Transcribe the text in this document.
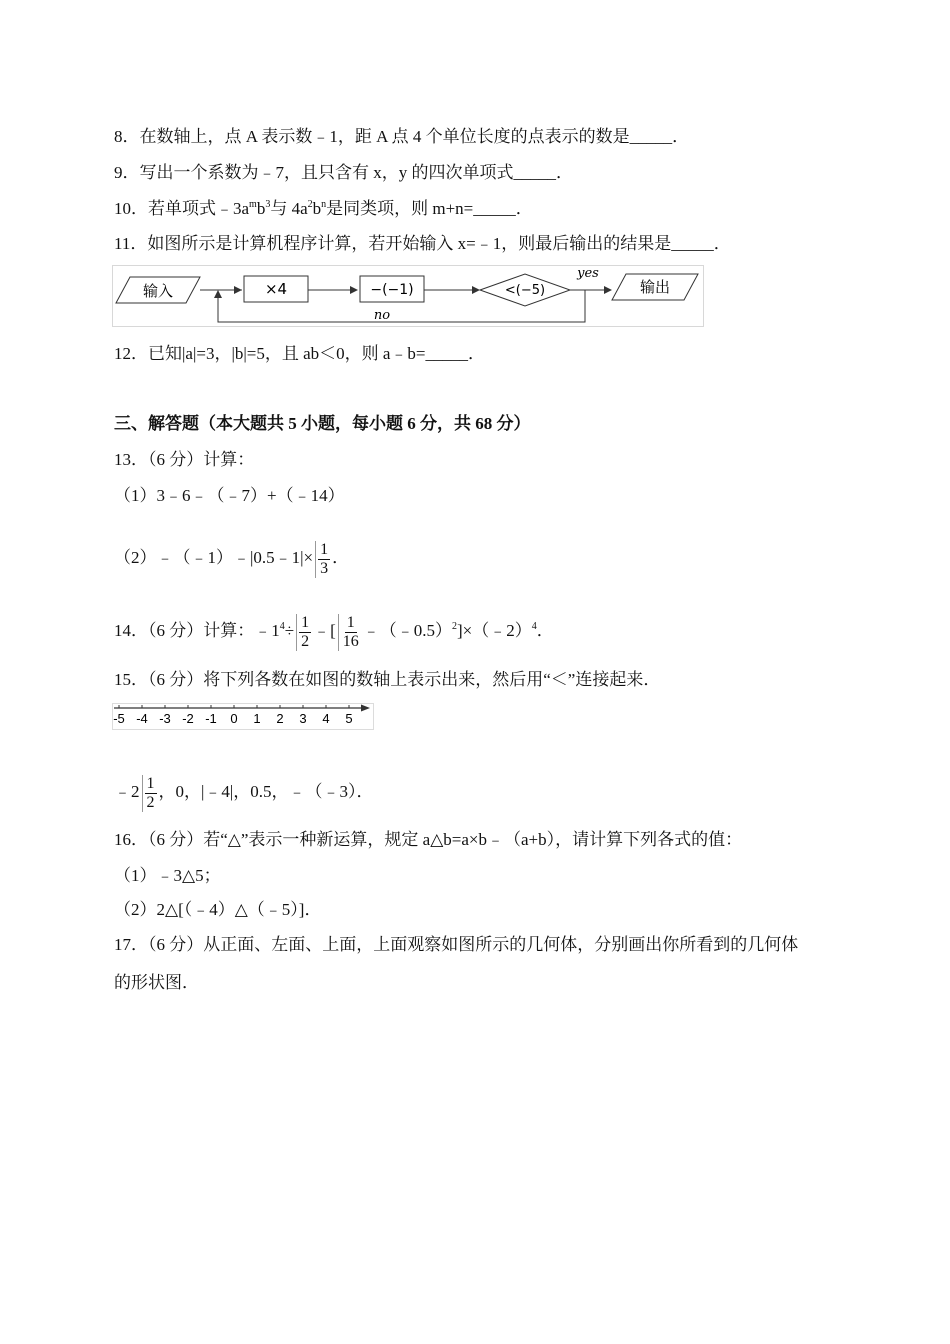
8．在数轴上，点 A 表示数﹣1，距 A 点 4 个单位长度的点表示的数是_____．
9．写出一个系数为﹣7，且只含有 x，y 的四次单项式_____．
10．若单项式$﹣3a^mb^3$与 $4a^2b^n$是同类项，则 m+n=_____．
11．如图所示是计算机程序计算，若开始输入 x=﹣1，则最后输出的结果是_____．
输入	×4	−(−1)	<(−5)
yes
输出
no
12．已知|a|=3，|b|=5，且 ab＜0，则 a﹣b=_____．
三、解答题（本大题共 5 小题，每小题 6 分，共 68 分）
13．（6 分）计算：
（1）3﹣6﹣（﹣7）+（﹣14）
（2）﹣（﹣1）﹣|0.5﹣1|× $\frac{1}{3}$ ．
14．（6 分）计算：$﹣1^4\div \frac{1}{2}$ ﹣[ $\frac{1}{16}$ ﹣（﹣0.5）$^2$]×（﹣2）$^4$．
15．（6 分）将下列各数在如图的数轴上表示出来，然后用“＜”连接起来．
-5 -4 -3 -2 -1 0 1 2 3 4 5
﹣2 $\frac{1}{2}$ ，0，|﹣4|，0.5，﹣（﹣3）．
16．（6 分）若“△”表示一种新运算，规定 a△b=a×b﹣（a+b），请计算下列各式的值：
（1）﹣3△5；
（2）2△[（﹣4）△（﹣5）]．
17．（6 分）从正面、左面、上面，上面观察如图所示的几何体，分别画出你所看到的几何体
的形状图．
